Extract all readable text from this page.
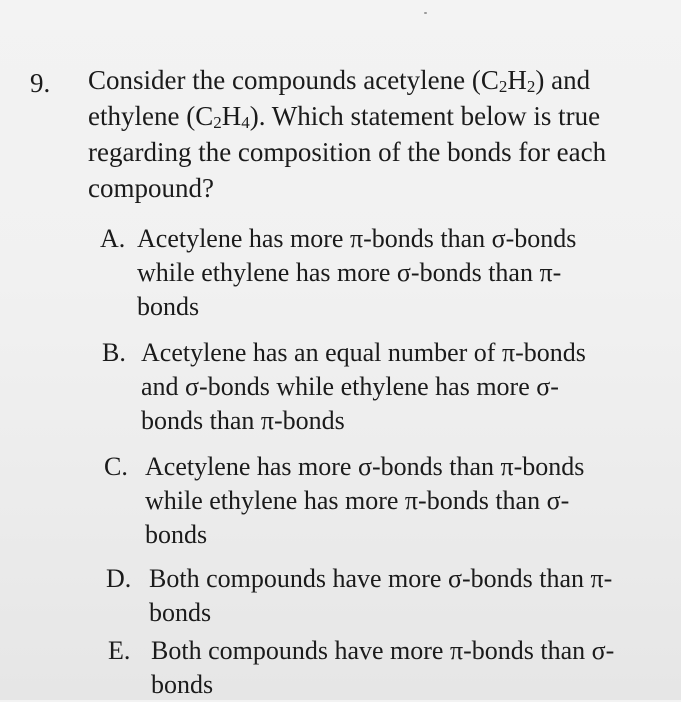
9. Consider the compounds acetylene (C2H2) and
ethylene (C2H4). Which statement below is true
regarding the composition of the bonds for each
compound?
A. Acetylene has more π-bonds than σ-bonds
while ethylene has more σ-bonds than π-
bonds
B. Acetylene has an equal number of π-bonds
and σ-bonds while ethylene has more σ-
bonds than π-bonds
C. Acetylene has more σ-bonds than π-bonds
while ethylene has more π-bonds than σ-
bonds
D. Both compounds have more σ-bonds than π-
bonds
E. Both compounds have more π-bonds than σ-
bonds
